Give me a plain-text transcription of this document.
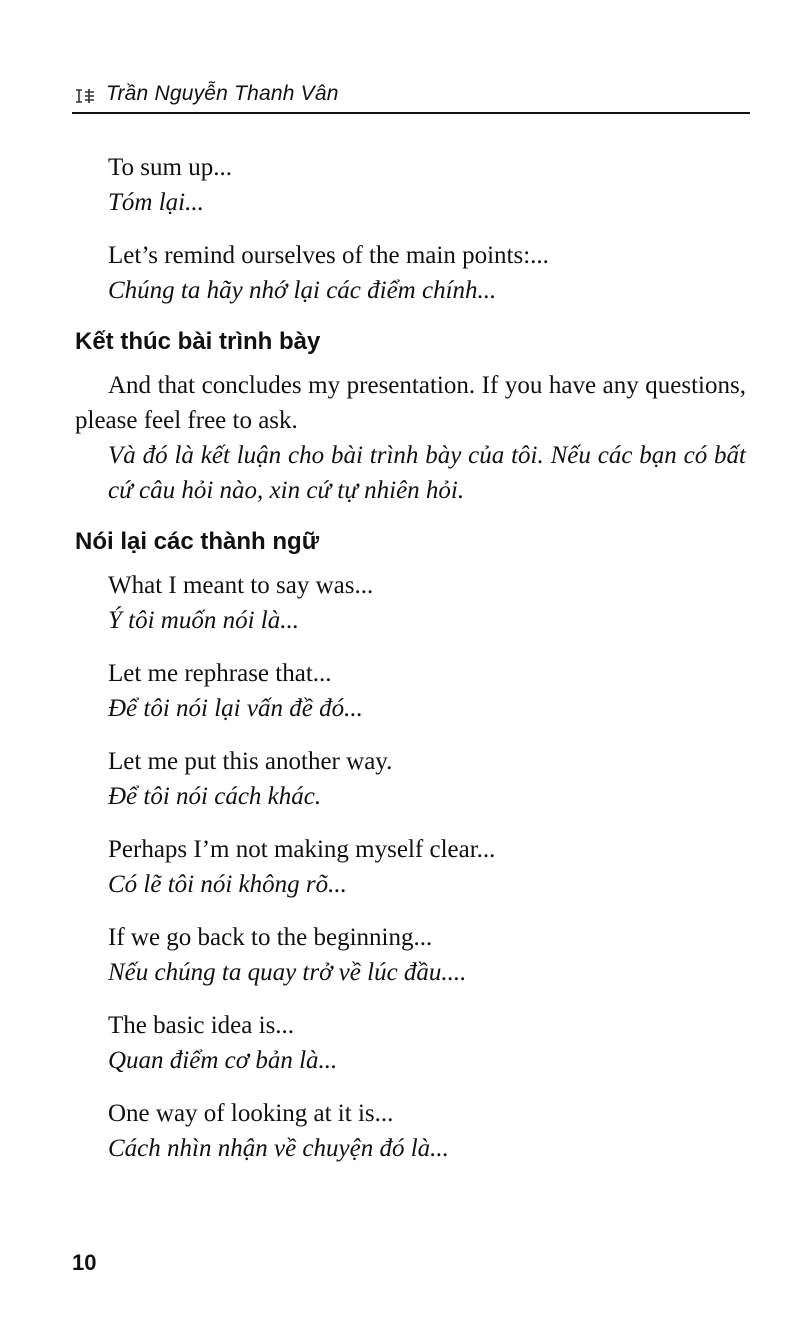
Trần Nguyễn Thanh Vân

To sum up...

Tóm lại...

Let’s remind ourselves of the main points:...

Chúng ta hãy nhớ lại các điểm chính...

Kết thúc bài trình bày

And that concludes my presentation. If you have any questions, please feel free to ask.

Và đó là kết luận cho bài trình bày của tôi. Nếu các bạn có bất cứ câu hỏi nào, xin cứ tự nhiên hỏi.

Nói lại các thành ngữ

What I meant to say was...

Ý tôi muốn nói là...

Let me rephrase that...

Để tôi nói lại vấn đề đó...

Let me put this another way.

Để tôi nói cách khác.

Perhaps I’m not making myself clear...

Có lẽ tôi nói không rõ...

If we go back to the beginning...

Nếu chúng ta quay trở về lúc đầu....

The basic idea is...

Quan điểm cơ bản là...

One way of looking at it is...

Cách nhìn nhận về chuyện đó là...

10
